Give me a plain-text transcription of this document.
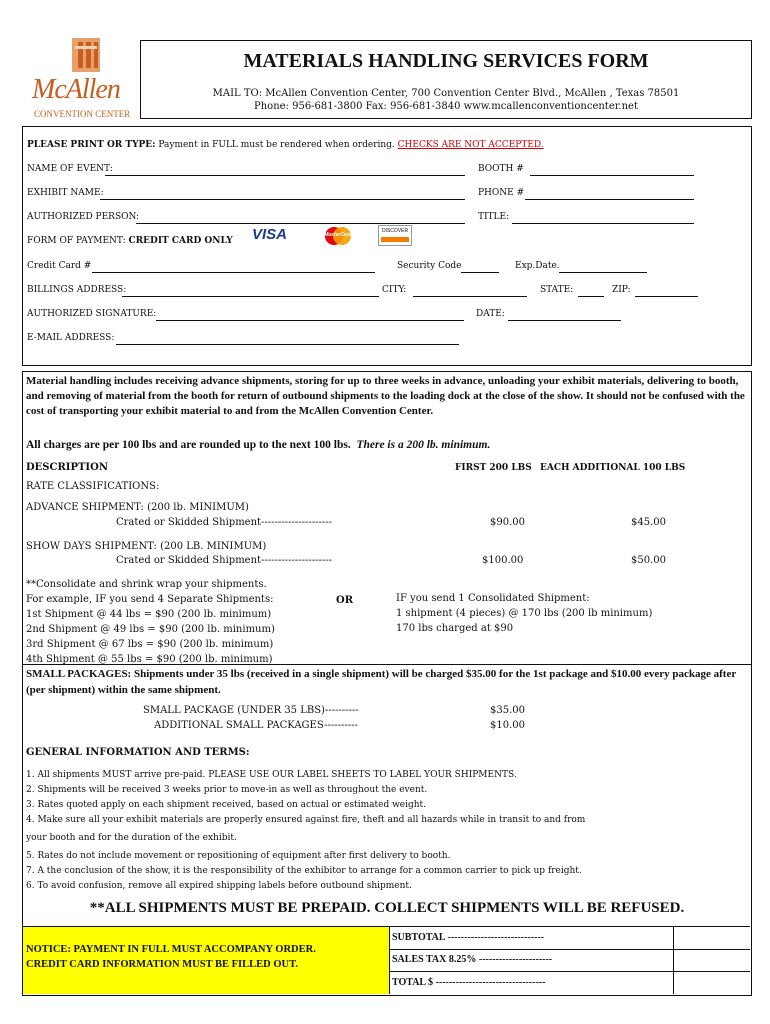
McAllen
CONVENTION CENTER
MATERIALS HANDLING SERVICES FORM
MAIL TO: McAllen Convention Center, 700 Convention Center Blvd., McAllen , Texas 78501
Phone: 956-681-3800 Fax: 956-681-3840 www.mcallenconventioncenter.net
PLEASE PRINT OR TYPE: Payment in FULL must be rendered when ordering. CHECKS ARE NOT ACCEPTED.
NAME OF EVENT:	BOOTH #
EXHIBIT NAME:	PHONE #
AUTHORIZED PERSON:	TITLE:
FORM OF PAYMENT: CREDIT CARD ONLY VISA	MasterCard
DISCOVER
Credit Card #	Security Code	Exp.Date.
BILLINGS ADDRESS:	CITY:	STATE:	ZIP:
AUTHORIZED SIGNATURE:	DATE:
E-MAIL ADDRESS:
Material handling includes receiving advance shipments, storing for up to three weeks in advance, unloading your exhibit materials, delivering to booth, and removing of material from the booth for return of outbound shipments to the loading dock at the close of the show. It should not be confused with the cost of transporting your exhibit material to and from the McAllen Convention Center.
All charges are per 100 lbs and are rounded up to the next 100 lbs. There is a 200 lb. minimum.
DESCRIPTION	FIRST 200 LBS EACH ADDITIONAL 100 LBS
RATE CLASSIFICATIONS:
ADVANCE SHIPMENT: (200 lb. MINIMUM)
Crated or Skidded Shipment---------------------	$90.00	$45.00
SHOW DAYS SHIPMENT: (200 LB. MINIMUM)
Crated or Skidded Shipment---------------------	$100.00	$50.00
**Consolidate and shrink wrap your shipments.
For example, IF you send 4 Separate Shipments:
1st Shipment @ 44 lbs = $90 (200 lb. minimum)
2nd Shipment @ 49 lbs = $90 (200 lb. minimum)
3rd Shipment @ 67 lbs = $90 (200 lb. minimum)
4th Shipment @ 55 lbs = $90 (200 lb. minimum)
OR	IF you send 1 Consolidated Shipment:
1 shipment (4 pieces) @ 170 lbs (200 lb minimum)
170 lbs charged at $90
SMALL PACKAGES: Shipments under 35 lbs (received in a single shipment) will be charged $35.00 for the 1st package and $10.00 every package after (per shipment) within the same shipment.
SMALL PACKAGE (UNDER 35 LBS)----------	$35.00
ADDITIONAL SMALL PACKAGES----------	$10.00
GENERAL INFORMATION AND TERMS:
1. All shipments MUST arrive pre-paid. PLEASE USE OUR LABEL SHEETS TO LABEL YOUR SHIPMENTS.
2. Shipments will be received 3 weeks prior to move-in as well as throughout the event.
3. Rates quoted apply on each shipment received, based on actual or estimated weight.
4. Make sure all your exhibit materials are properly ensured against fire, theft and all hazards while in transit to and from
your booth and for the duration of the exhibit.
5. Rates do not include movement or repositioning of equipment after first delivery to booth.
7. A the conclusion of the show, it is the responsibility of the exhibitor to arrange for a common carrier to pick up freight.
6. To avoid confusion, remove all expired shipping labels before outbound shipment.
**ALL SHIPMENTS MUST BE PREPAID. COLLECT SHIPMENTS WILL BE REFUSED.
NOTICE: PAYMENT IN FULL MUST ACCOMPANY ORDER.
CREDIT CARD INFORMATION MUST BE FILLED OUT.
SUBTOTAL -----------------------------
SALES TAX 8.25% ----------------------
TOTAL $ ---------------------------------
